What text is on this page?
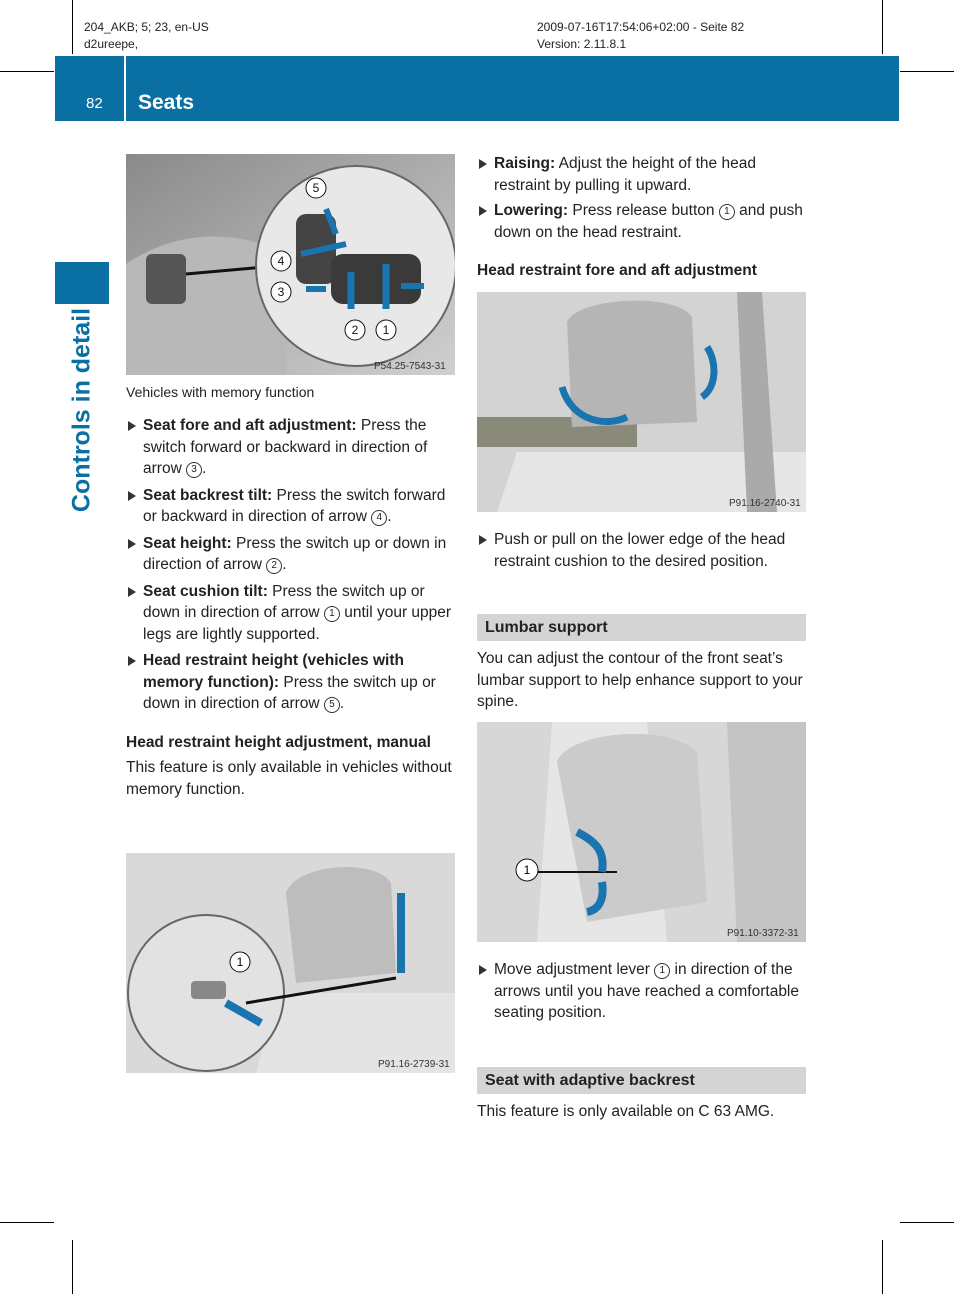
204_AKB; 5; 23, en-US
d2ureepe,
2009-07-16T17:54:06+02:00 - Seite 82
Version: 2.11.8.1
82 Seats
Controls in detail
5
4
3
2 1
P54.25-7543-31
Vehicles with memory function

Seat fore and aft adjustment: Press the switch forward or backward in direction of arrow 3 .

Seat backrest tilt: Press the switch forward or backward in direction of arrow 4 .

Seat height: Press the switch up or down in direction of arrow 2 .

Seat cushion tilt: Press the switch up or down in direction of arrow 1 until your upper legs are lightly supported.

Head restraint height (vehicles with memory function): Press the switch up or down in direction of arrow 5 .

Head restraint height adjustment, manual

This feature is only available in vehicles without memory function.

1
P91.16-2739-31

Raising: Adjust the height of the head restraint by pulling it upward.

Lowering: Press release button 1 and push down on the head restraint.

Head restraint fore and aft adjustment

P91.16-2740-31

Push or pull on the lower edge of the head restraint cushion to the desired position.

Lumbar support

You can adjust the contour of the front seat’s lumbar support to help enhance support to your spine.

1
P91.10-3372-31

Move adjustment lever 1 in direction of the arrows until you have reached a comfortable seating position.

Seat with adaptive backrest

This feature is only available on C 63 AMG.
